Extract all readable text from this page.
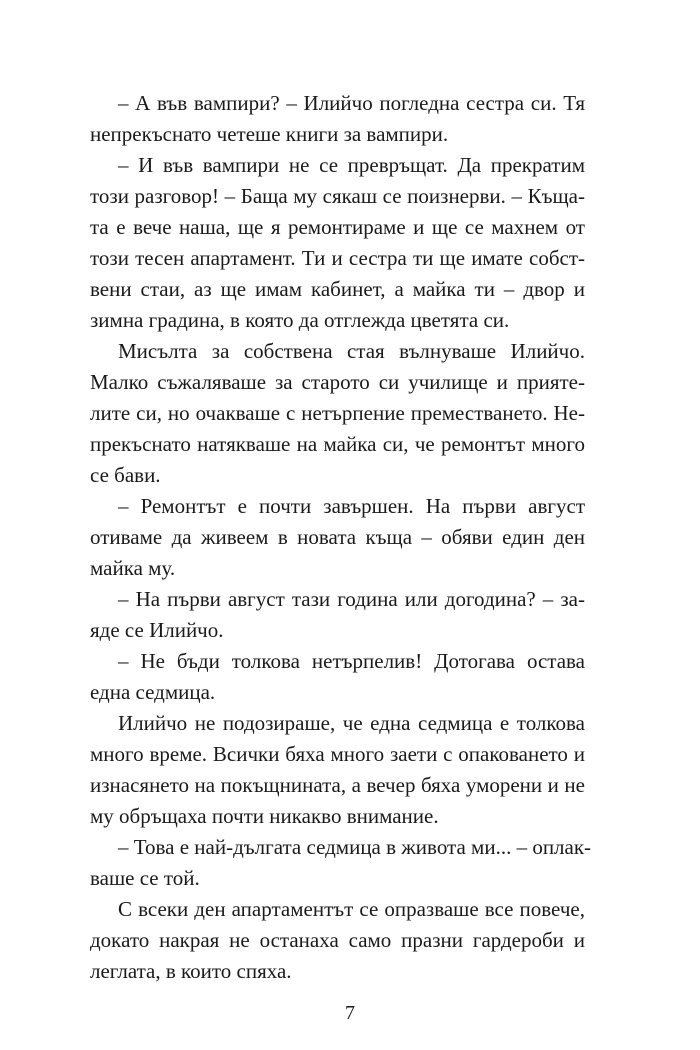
– А във вампири? – Илийчо погледна сестра си. Тя
непрекъснато четеше книги за вампири.
– И във вампири не се превръщат. Да прекратим
този разговор! – Баща му сякаш се поизнерви. – Къща-
та е вече наша, ще я ремонтираме и ще се махнем от
този тесен апартамент. Ти и сестра ти ще имате собст-
вени стаи, аз ще имам кабинет, а майка ти – двор и
зимна градина, в която да отглежда цветята си.
Мисълта за собствена стая вълнуваше Илийчо.
Малко съжаляваше за старото си училище и прияте-
лите си, но очакваше с нетърпение преместването. Не-
прекъснато натякваше на майка си, че ремонтът много
се бави.
– Ремонтът е почти завършен. На първи август
отиваме да живеем в новата къща – обяви един ден
майка му.
– На първи август тази година или догодина? – за-
яде се Илийчо.
– Не бъди толкова нетърпелив! Дотогава остава
една седмица.
Илийчо не подозираше, че една седмица е толкова
много време. Всички бяха много заети с опаковането и
изнасянето на покъщнината, а вечер бяха уморени и не
му обръщаха почти никакво внимание.
– Това е най-дългата седмица в живота ми... – оплак-
ваше се той.
С всеки ден апартаментът се опразваше все повече,
докато накрая не останаха само празни гардероби и
леглата, в които спяха.
7
